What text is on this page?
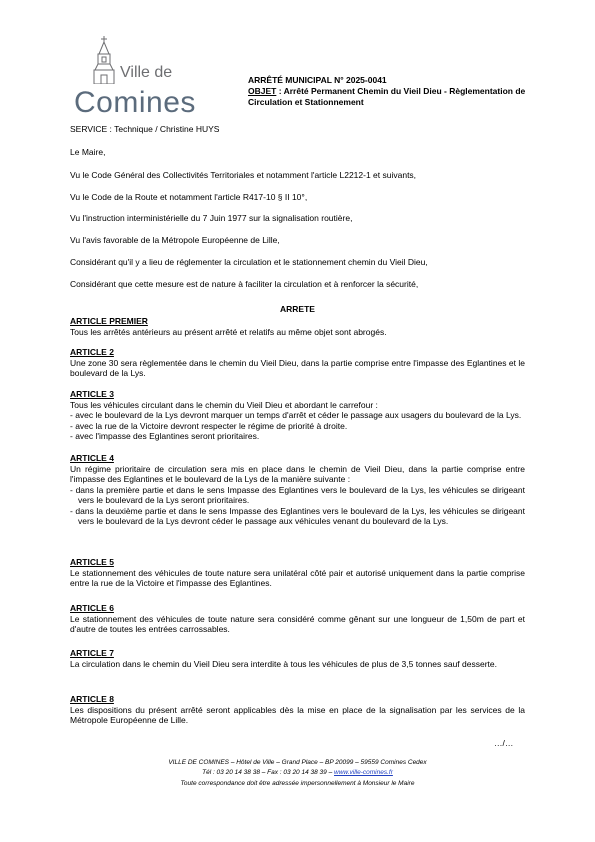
Ville de
Comines
ARRÊTÉ MUNICIPAL N° 2025-0041
OBJET : Arrêté Permanent Chemin du Vieil Dieu - Règlementation de Circulation et Stationnement
SERVICE : Technique / Christine HUYS
Le Maire,
Vu le Code Général des Collectivités Territoriales et notamment l'article L2212-1 et suivants,
Vu le Code de la Route et notamment l'article R417-10 § II 10°,
Vu l'instruction interministérielle du 7 Juin 1977 sur la signalisation routière,
Vu l'avis favorable de la Métropole Européenne de Lille,
Considérant qu'il y a lieu de réglementer la circulation et le stationnement chemin du Vieil Dieu,
Considérant que cette mesure est de nature à faciliter la circulation et à renforcer la sécurité,
ARRETE
ARTICLE PREMIER
Tous les arrêtés antérieurs au présent arrêté et relatifs au même objet sont abrogés.
ARTICLE 2
Une zone 30 sera règlementée dans le chemin du Vieil Dieu, dans la partie comprise entre l'impasse des Eglantines et le boulevard de la Lys.
ARTICLE 3
Tous les véhicules circulant dans le chemin du Vieil Dieu et abordant le carrefour :
- avec le boulevard de la Lys devront marquer un temps d'arrêt et céder le passage aux usagers du boulevard de la Lys.
- avec la rue de la Victoire devront respecter le régime de priorité à droite.
- avec l'impasse des Eglantines seront prioritaires.
ARTICLE 4
Un régime prioritaire de circulation sera mis en place dans le chemin de Vieil Dieu, dans la partie comprise entre l'impasse des Eglantines et le boulevard de la Lys de la manière suivante :
- dans la première partie et dans le sens Impasse des Eglantines vers le boulevard de la Lys, les véhicules se dirigeant vers le boulevard de la Lys seront prioritaires.
- dans la deuxième partie et dans le sens Impasse des Eglantines vers le boulevard de la Lys, les véhicules se dirigeant vers le boulevard de la Lys devront céder le passage aux véhicules venant du boulevard de la Lys.
ARTICLE 5
Le stationnement des véhicules de toute nature sera unilatéral côté pair et autorisé uniquement dans la partie comprise entre la rue de la Victoire et l'impasse des Eglantines.
ARTICLE 6
Le stationnement des véhicules de toute nature sera considéré comme gênant sur une longueur de 1,50m de part et d'autre de toutes les entrées carrossables.
ARTICLE 7
La circulation dans le chemin du Vieil Dieu sera interdite à tous les véhicules de plus de 3,5 tonnes sauf desserte.
ARTICLE 8
Les dispositions du présent arrêté seront applicables dès la mise en place de la signalisation par les services de la Métropole Européenne de Lille.
…/…
VILLE DE COMINES – Hôtel de Ville – Grand Place – BP 20099 – 59559 Comines Cedex
Tél : 03 20 14 38 38 – Fax : 03 20 14 38 39 – www.ville-comines.fr
Toute correspondance doit être adressée impersonnellement à Monsieur le Maire
